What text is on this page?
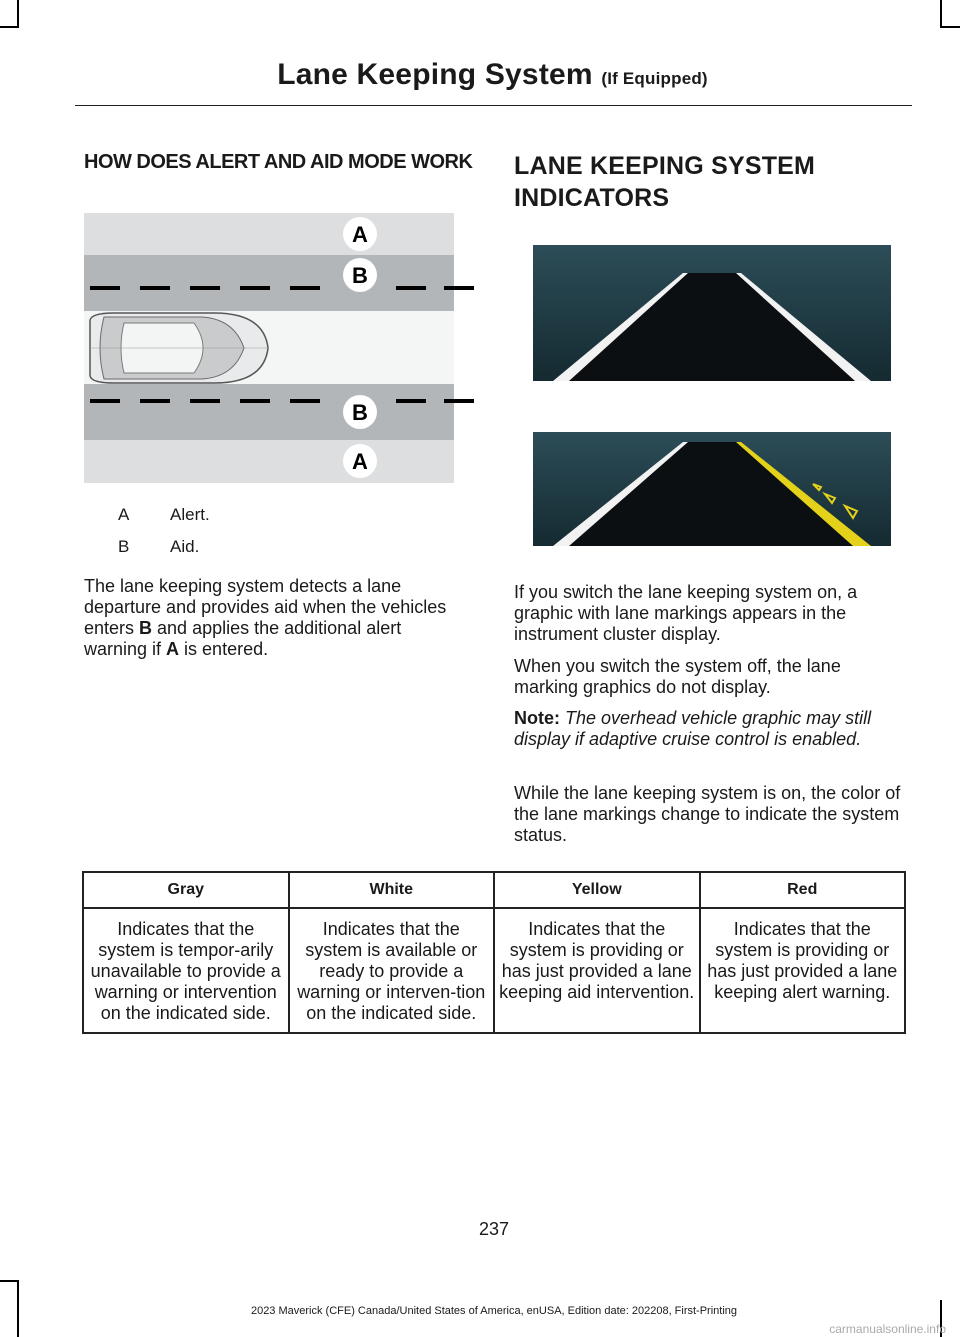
Lane Keeping System (If Equipped)
HOW DOES ALERT AND AID MODE WORK
A
B
B
A
A Alert.
B Aid.

The lane keeping system detects a lane departure and provides aid when the vehicles enters B and applies the additional alert warning if A is entered.

LANE KEEPING SYSTEM
INDICATORS

If you switch the lane keeping system on, a graphic with lane markings appears in the instrument cluster display.

When you switch the system off, the lane marking graphics do not display.

Note: The overhead vehicle graphic may still display if adaptive cruise control is enabled.

While the lane keeping system is on, the color of the lane markings change to indicate the system status.

Gray	White	Yellow	Red
Indicates that the system is tempor-arily unavailable to provide a warning or intervention on the indicated side.	Indicates that the system is available or ready to provide a warning or interven-tion on the indicated side.	Indicates that the system is providing or has just provided a lane keeping aid intervention.	Indicates that the system is providing or has just provided a lane keeping alert warning.
237
2023 Maverick (CFE) Canada/United States of America, enUSA, Edition date: 202208, First-Printing
carmanualsonline.info
